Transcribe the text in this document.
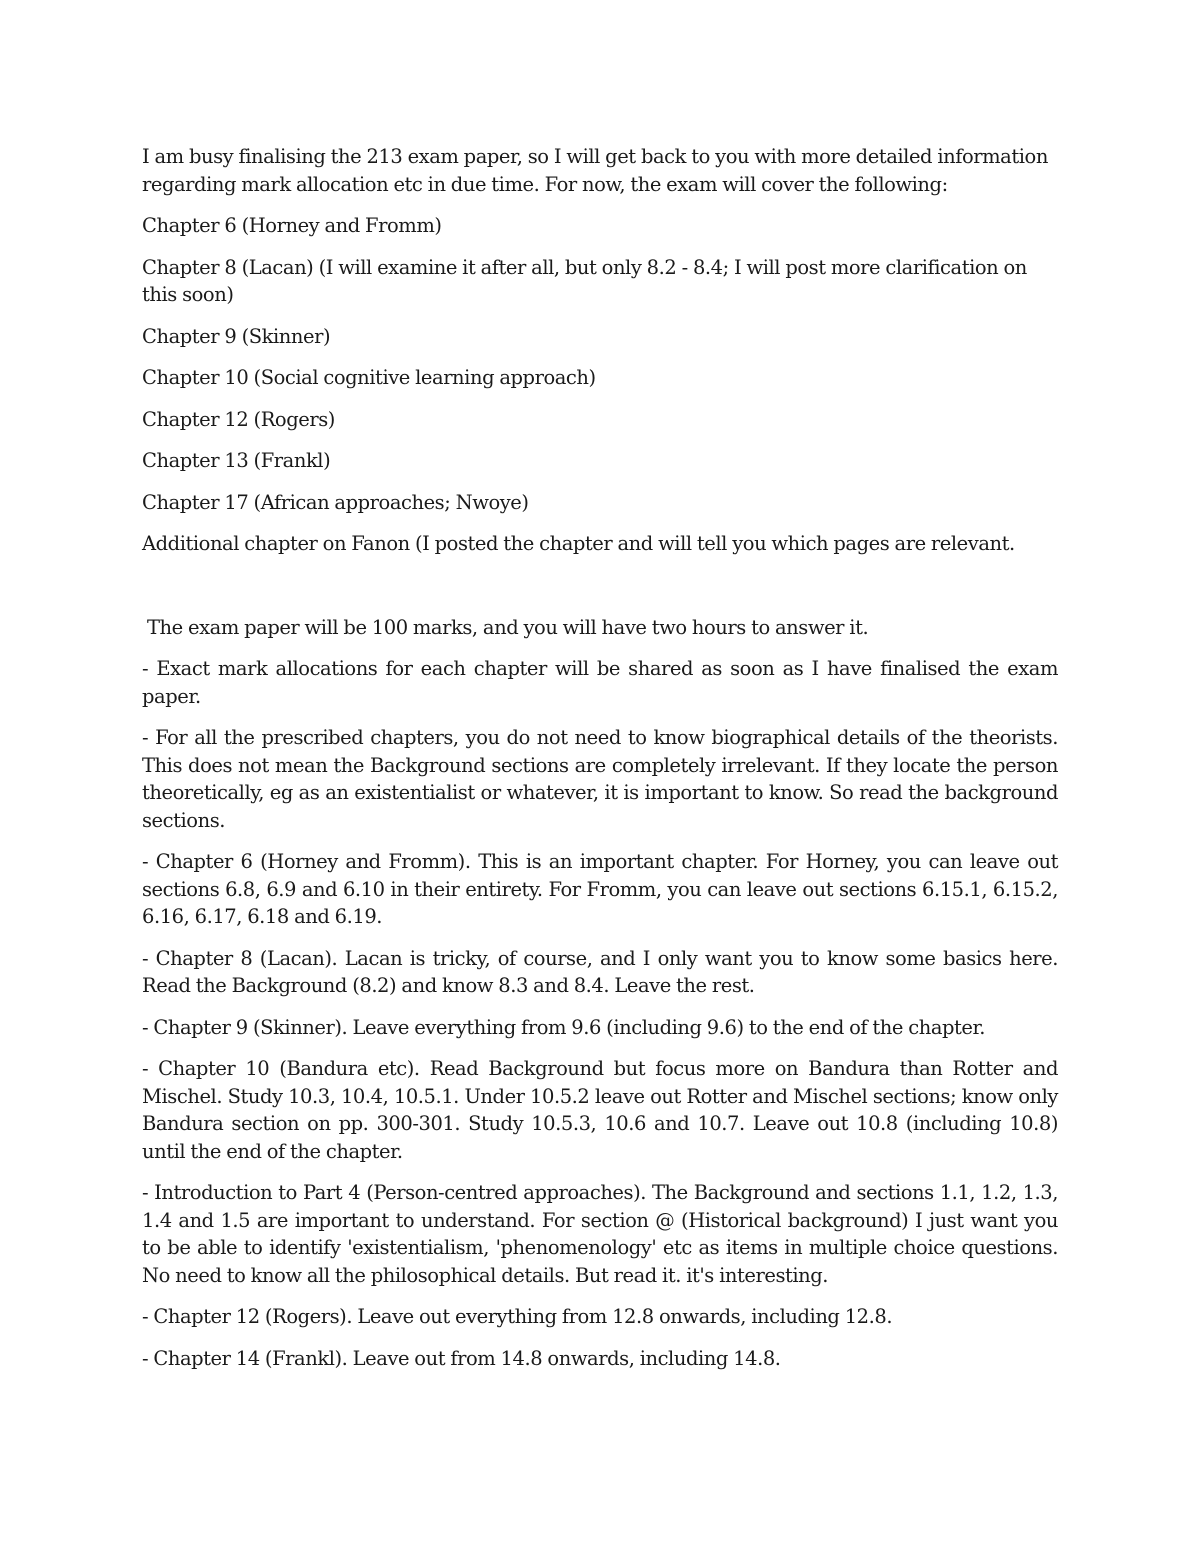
I am busy finalising the 213 exam paper, so I will get back to you with more detailed information regarding mark allocation etc in due time. For now, the exam will cover the following:

Chapter 6 (Horney and Fromm)

Chapter 8 (Lacan) (I will examine it after all, but only 8.2 - 8.4; I will post more clarification on this soon)

Chapter 9 (Skinner)

Chapter 10 (Social cognitive learning approach)

Chapter 12 (Rogers)

Chapter 13 (Frankl)

Chapter 17 (African approaches; Nwoye)

Additional chapter on Fanon (I posted the chapter and will tell you which pages are relevant.

The exam paper will be 100 marks, and you will have two hours to answer it.

- Exact mark allocations for each chapter will be shared as soon as I have finalised the exam paper.

- For all the prescribed chapters, you do not need to know biographical details of the theorists. This does not mean the Background sections are completely irrelevant. If they locate the person theoretically, eg as an existentialist or whatever, it is important to know. So read the background sections.

- Chapter 6 (Horney and Fromm). This is an important chapter. For Horney, you can leave out sections 6.8, 6.9 and 6.10 in their entirety. For Fromm, you can leave out sections 6.15.1, 6.15.2, 6.16, 6.17, 6.18 and 6.19.

- Chapter 8 (Lacan). Lacan is tricky, of course, and I only want you to know some basics here. Read the Background (8.2) and know 8.3 and 8.4. Leave the rest.

- Chapter 9 (Skinner). Leave everything from 9.6 (including 9.6) to the end of the chapter.

- Chapter 10 (Bandura etc). Read Background but focus more on Bandura than Rotter and Mischel. Study 10.3, 10.4, 10.5.1. Under 10.5.2 leave out Rotter and Mischel sections; know only Bandura section on pp. 300-301. Study 10.5.3, 10.6 and 10.7. Leave out 10.8 (including 10.8) until the end of the chapter.

- Introduction to Part 4 (Person-centred approaches). The Background and sections 1.1, 1.2, 1.3, 1.4 and 1.5 are important to understand. For section @ (Historical background) I just want you to be able to identify 'existentialism, 'phenomenology' etc as items in multiple choice questions. No need to know all the philosophical details. But read it. it's interesting.

- Chapter 12 (Rogers). Leave out everything from 12.8 onwards, including 12.8.

- Chapter 14 (Frankl). Leave out from 14.8 onwards, including 14.8.
